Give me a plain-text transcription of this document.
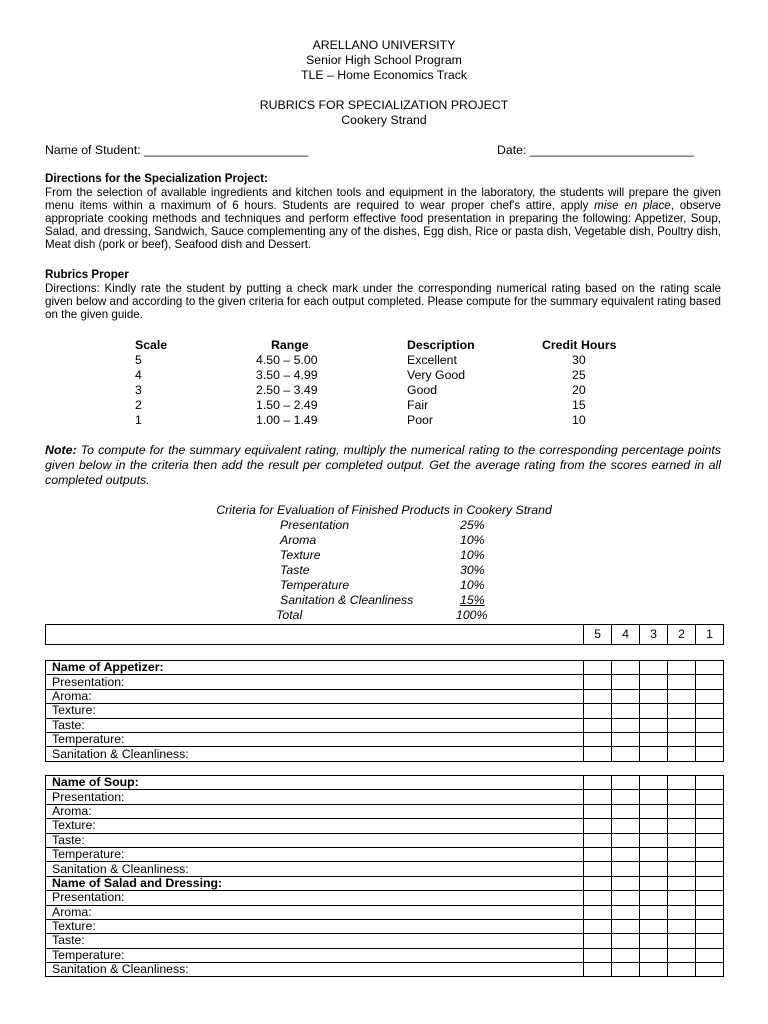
ARELLANO UNIVERSITY
Senior High School Program
TLE – Home Economics Track
RUBRICS FOR SPECIALIZATION PROJECT
Cookery Strand
Name of Student: ________________________	Date: ________________________
Directions for the Specialization Project:
From the selection of available ingredients and kitchen tools and equipment in the laboratory, the students will prepare the given menu items within a maximum of 6 hours. Students are required to wear proper chef's attire, apply mise en place, observe appropriate cooking methods and techniques and perform effective food presentation in preparing the following: Appetizer, Soup, Salad, and dressing, Sandwich, Sauce complementing any of the dishes, Egg dish, Rice or pasta dish, Vegetable dish, Poultry dish, Meat dish (pork or beef), Seafood dish and Dessert.
Rubrics Proper
Directions: Kindly rate the student by putting a check mark under the corresponding numerical rating based on the rating scale given below and according to the given criteria for each output completed. Please compute for the summary equivalent rating based on the given guide.
Scale	Range	Description	Credit Hours
5	4.50 – 5.00	Excellent	30
4	3.50 – 4.99	Very Good	25
3	2.50 – 3.49	Good	20
2	1.50 – 2.49	Fair	15
1	1.00 – 1.49	Poor	10
Note: To compute for the summary equivalent rating, multiply the numerical rating to the corresponding percentage points given below in the criteria then add the result per completed output. Get the average rating from the scores earned in all completed outputs.
Criteria for Evaluation of Finished Products in Cookery Strand
Presentation	25%
Aroma	10%
Texture	10%
Taste	30%
Temperature	10%
Sanitation & Cleanliness	15%
Total	100%
	5	4	3	2	1
Name of Appetizer:					
Presentation:					
Aroma:					
Texture:					
Taste:					
Temperature:					
Sanitation & Cleanliness:					
Name of Soup:					
Presentation:					
Aroma:					
Texture:					
Taste:					
Temperature:					
Sanitation & Cleanliness:					
Name of Salad and Dressing:					
Presentation:					
Aroma:					
Texture:					
Taste:					
Temperature:					
Sanitation & Cleanliness:					
